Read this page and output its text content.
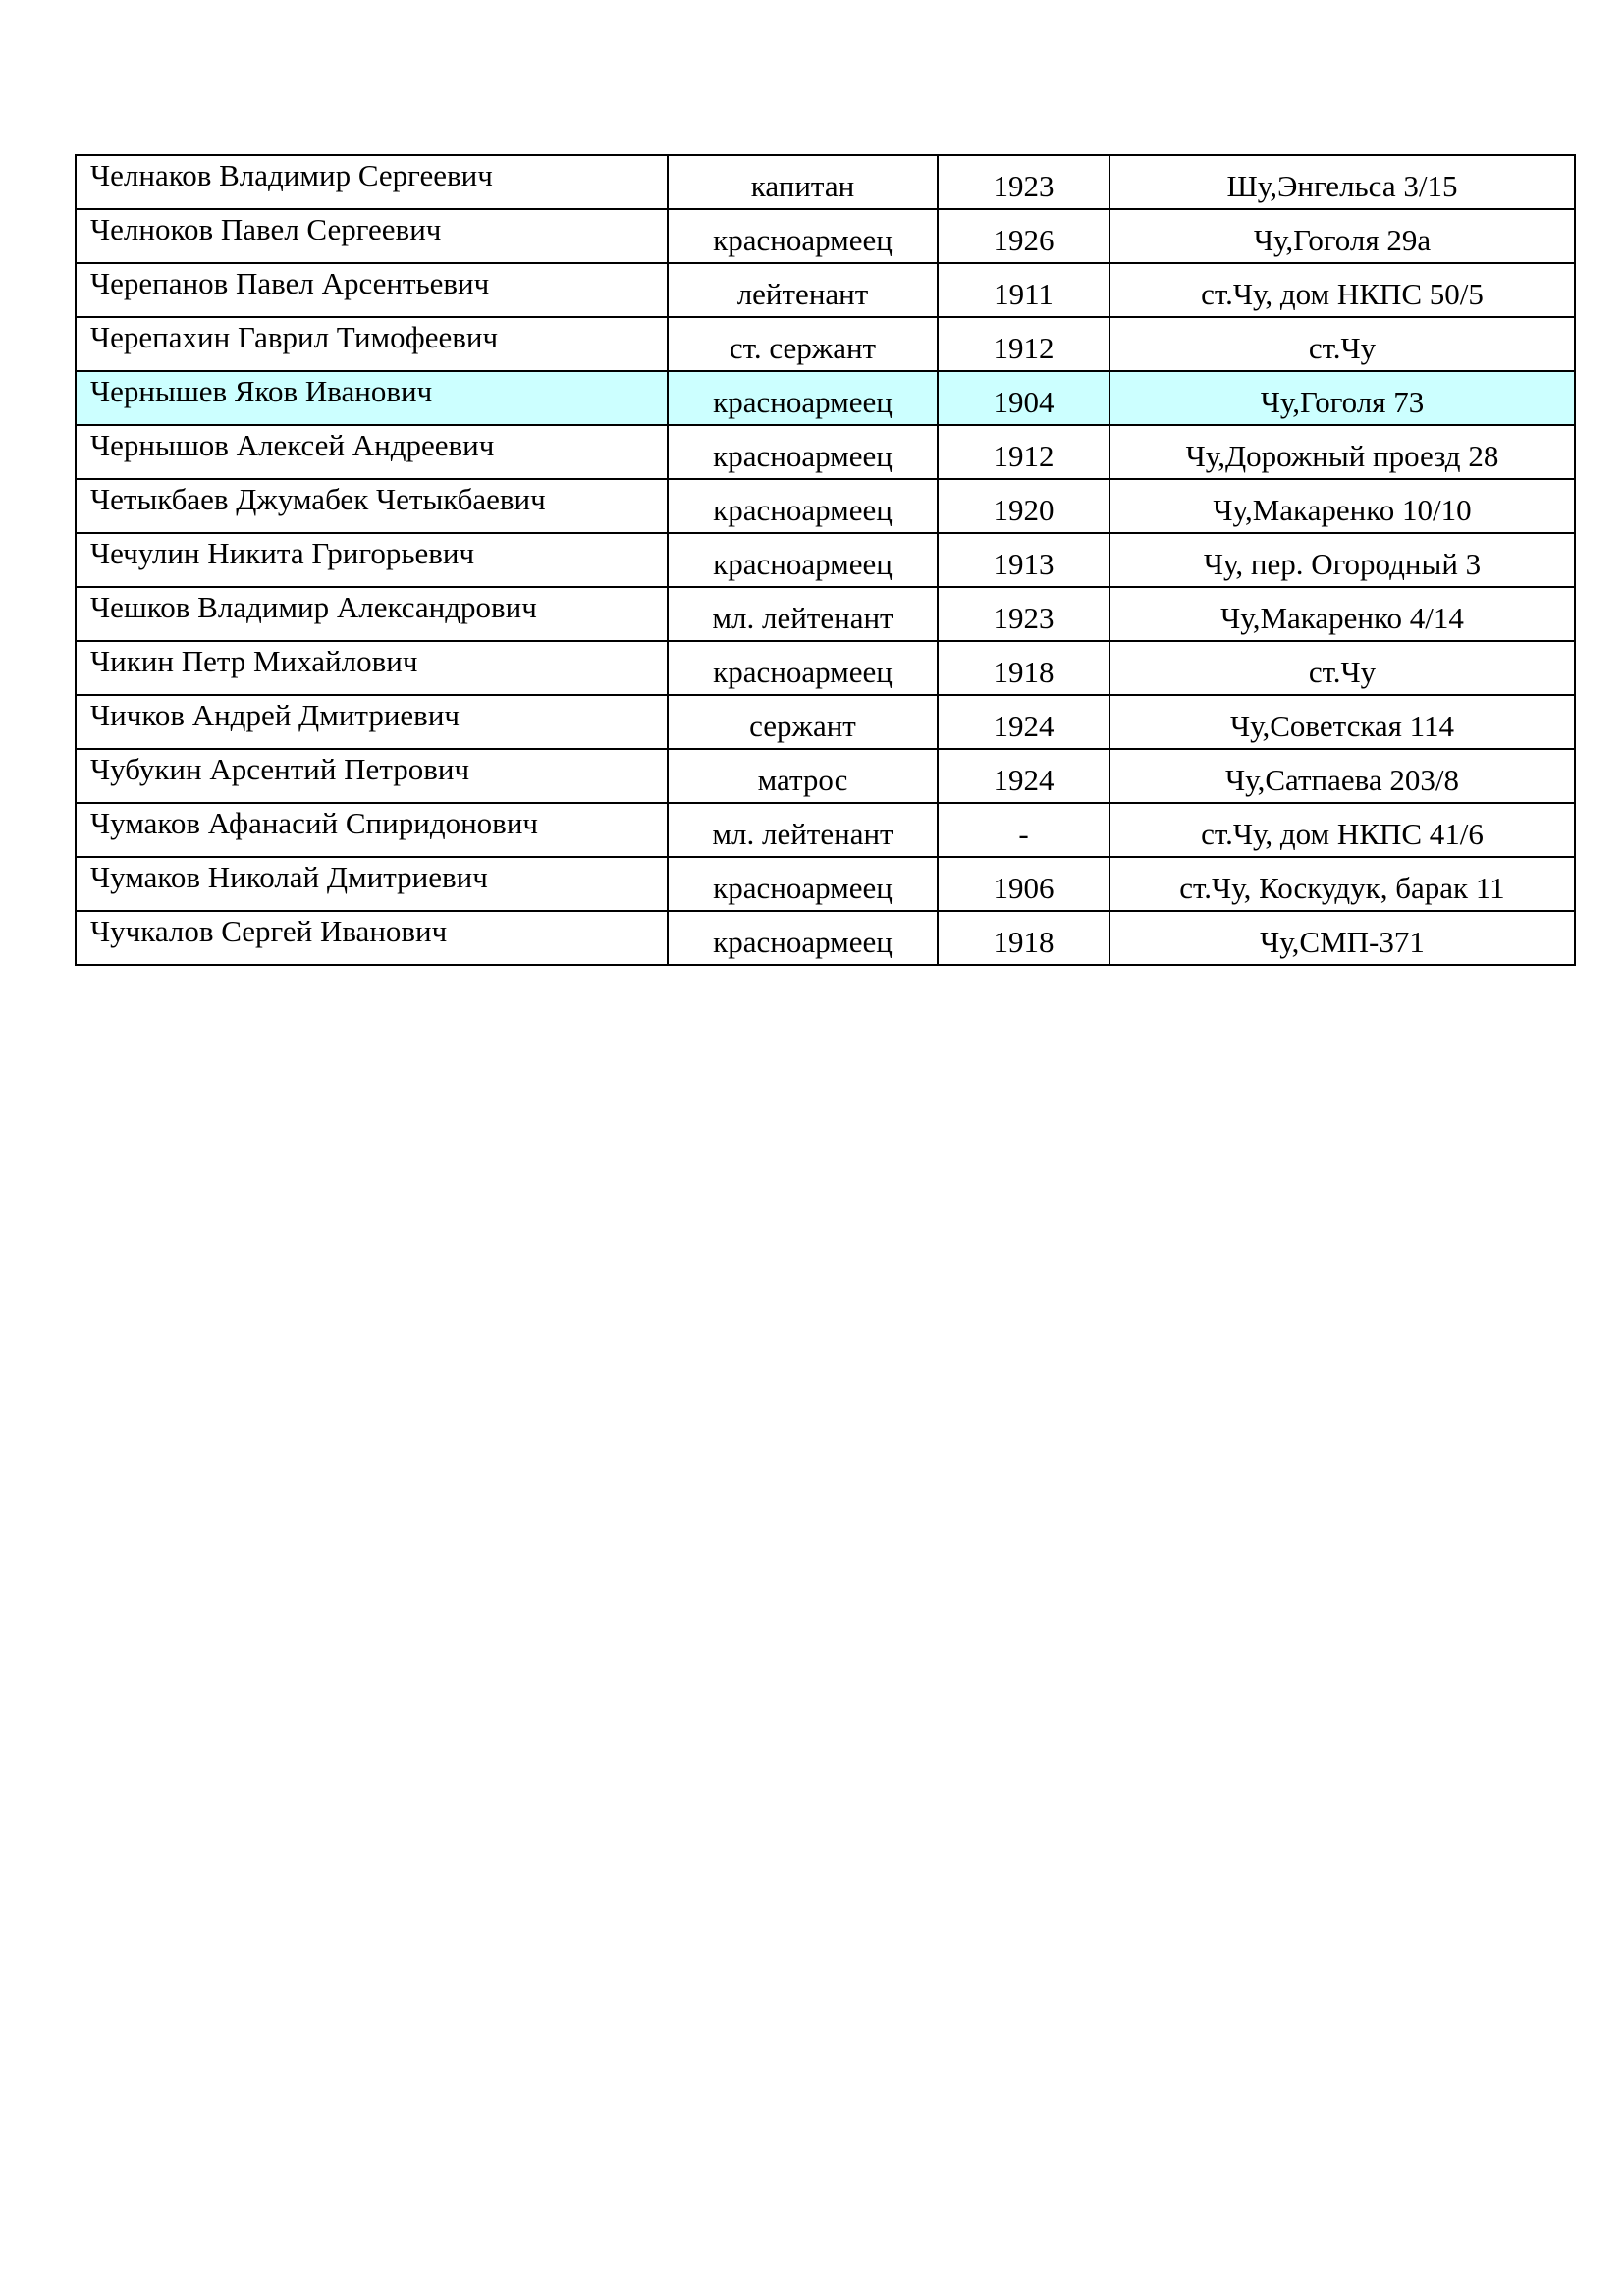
Челнаков Владимир Сергеевич	капитан	1923	Шу,Энгельса 3/15
Челноков Павел Сергеевич	красноармеец	1926	Чу,Гоголя 29а
Черепанов Павел Арсентьевич	лейтенант	1911	ст.Чу, дом НКПС 50/5
Черепахин Гаврил Тимофеевич	ст. сержант	1912	ст.Чу
Чернышев Яков Иванович	красноармеец	1904	Чу,Гоголя 73
Чернышов Алексей Андреевич	красноармеец	1912	Чу,Дорожный проезд 28
Четыкбаев Джумабек Четыкбаевич	красноармеец	1920	Чу,Макаренко 10/10
Чечулин Никита Григорьевич	красноармеец	1913	Чу, пер. Огородный 3
Чешков Владимир Александрович	мл. лейтенант	1923	Чу,Макаренко 4/14
Чикин Петр Михайлович	красноармеец	1918	ст.Чу
Чичков Андрей Дмитриевич	сержант	1924	Чу,Советская 114
Чубукин Арсентий Петрович	матрос	1924	Чу,Сатпаева 203/8
Чумаков Афанасий Спиридонович	мл. лейтенант	-	ст.Чу, дом НКПС 41/6
Чумаков Николай Дмитриевич	красноармеец	1906	ст.Чу, Коскудук, барак 11
Чучкалов Сергей Иванович	красноармеец	1918	Чу,СМП-371
